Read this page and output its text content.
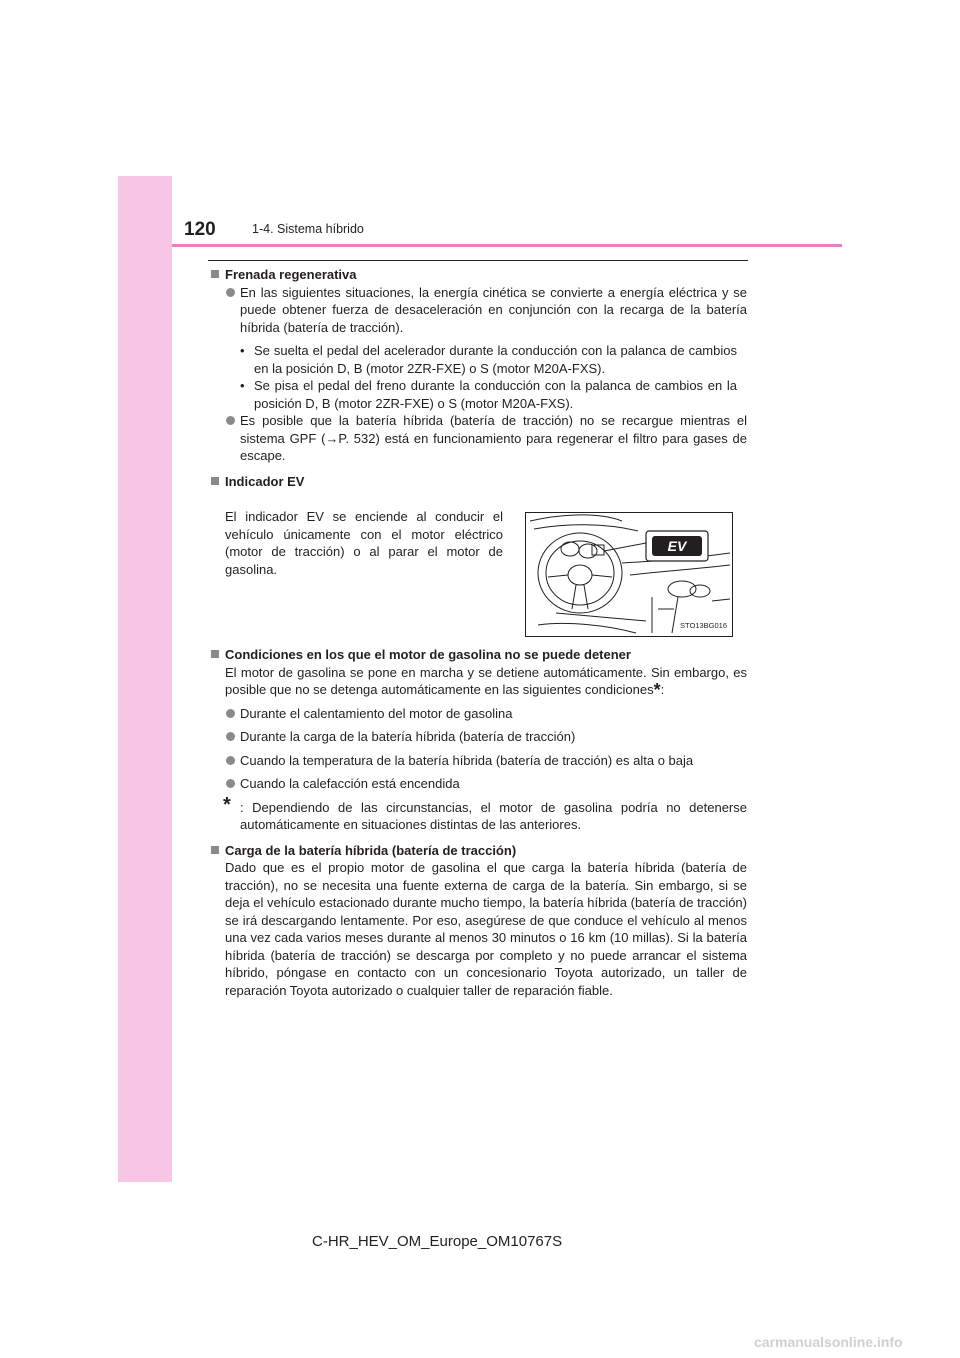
120	1-4. Sistema híbrido

Frenada regenerativa

En las siguientes situaciones, la energía cinética se convierte a energía eléctrica y se puede obtener fuerza de desaceleración en conjunción con la recarga de la batería híbrida (batería de tracción).

• Se suelta el pedal del acelerador durante la conducción con la palanca de cambios en la posición D, B (motor 2ZR-FXE) o S (motor M20A-FXS).

• Se pisa el pedal del freno durante la conducción con la palanca de cambios en la posición D, B (motor 2ZR-FXE) o S (motor M20A-FXS).

Es posible que la batería híbrida (batería de tracción) no se recargue mientras el sistema GPF (→P. 532) está en funcionamiento para regenerar el filtro para gases de escape.

Indicador EV

El indicador EV se enciende al conducir el vehículo únicamente con el motor eléctrico (motor de tracción) o al parar el motor de gasolina.
EV
STO13BG016

Condiciones en los que el motor de gasolina no se puede detener

El motor de gasolina se pone en marcha y se detiene automáticamente. Sin embargo, es posible que no se detenga automáticamente en las siguientes condiciones*:

Durante el calentamiento del motor de gasolina

Durante la carga de la batería híbrida (batería de tracción)

Cuando la temperatura de la batería híbrida (batería de tracción) es alta o baja

Cuando la calefacción está encendida

* : Dependiendo de las circunstancias, el motor de gasolina podría no detenerse automáticamente en situaciones distintas de las anteriores.

Carga de la batería híbrida (batería de tracción)

Dado que es el propio motor de gasolina el que carga la batería híbrida (batería de tracción), no se necesita una fuente externa de carga de la batería. Sin embargo, si se deja el vehículo estacionado durante mucho tiempo, la batería híbrida (batería de tracción) se irá descargando lentamente. Por eso, asegúrese de que conduce el vehículo al menos una vez cada varios meses durante al menos 30 minutos o 16 km (10 millas). Si la batería híbrida (batería de tracción) se descarga por completo y no puede arrancar el sistema híbrido, póngase en contacto con un concesionario Toyota autorizado, un taller de reparación Toyota autorizado o cualquier taller de reparación fiable.

C-HR_HEV_OM_Europe_OM10767S
carmanualsonline.info
